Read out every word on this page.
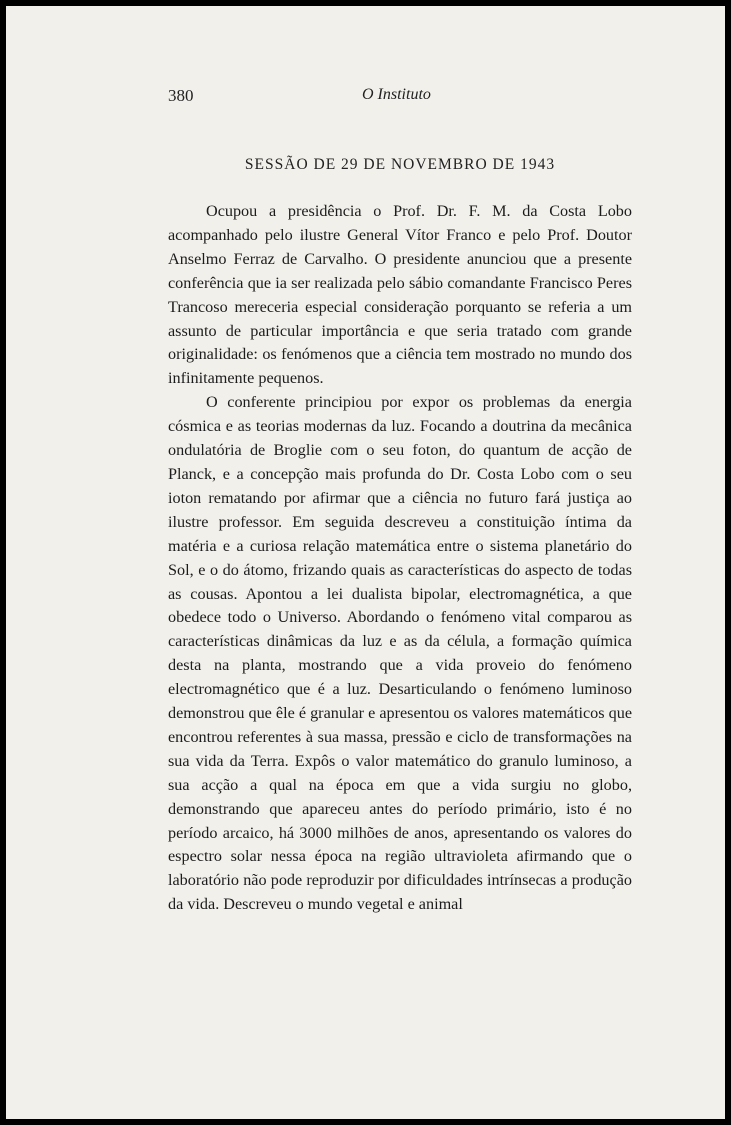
380	O Instituto
SESSÃO DE 29 DE NOVEMBRO DE 1943

Ocupou a presidência o Prof. Dr. F. M. da Costa Lobo acompanhado pelo ilustre General Vítor Franco e pelo Prof. Doutor Anselmo Ferraz de Carvalho. O presidente anunciou que a presente conferência que ia ser realizada pelo sábio comandante Francisco Peres Trancoso mereceria especial consideração porquanto se referia a um assunto de particular importância e que seria tratado com grande originalidade: os fenómenos que a ciência tem mostrado no mundo dos infinitamente pequenos.

O conferente principiou por expor os problemas da energia cósmica e as teorias modernas da luz. Focando a doutrina da mecânica ondulatória de Broglie com o seu foton, do quantum de acção de Planck, e a concepção mais profunda do Dr. Costa Lobo com o seu ioton rematando por afirmar que a ciência no futuro fará justiça ao ilustre professor. Em seguida descreveu a constituição íntima da matéria e a curiosa relação matemática entre o sistema planetário do Sol, e o do átomo, frizando quais as características do aspecto de todas as cousas. Apontou a lei dualista bipolar, electromagnética, a que obedece todo o Universo. Abordando o fenómeno vital comparou as características dinâmicas da luz e as da célula, a formação química desta na planta, mostrando que a vida proveio do fenómeno electromagnético que é a luz. Desarticulando o fenómeno luminoso demonstrou que êle é granular e apresentou os valores matemáticos que encontrou referentes à sua massa, pressão e ciclo de transformações na sua vida da Terra. Expôs o valor matemático do granulo luminoso, a sua acção a qual na época em que a vida surgiu no globo, demonstrando que apareceu antes do período primário, isto é no período arcaico, há 3000 milhões de anos, apresentando os valores do espectro solar nessa época na região ultravioleta afirmando que o laboratório não pode reproduzir por dificuldades intrínsecas a produção da vida. Descreveu o mundo vegetal e animal
